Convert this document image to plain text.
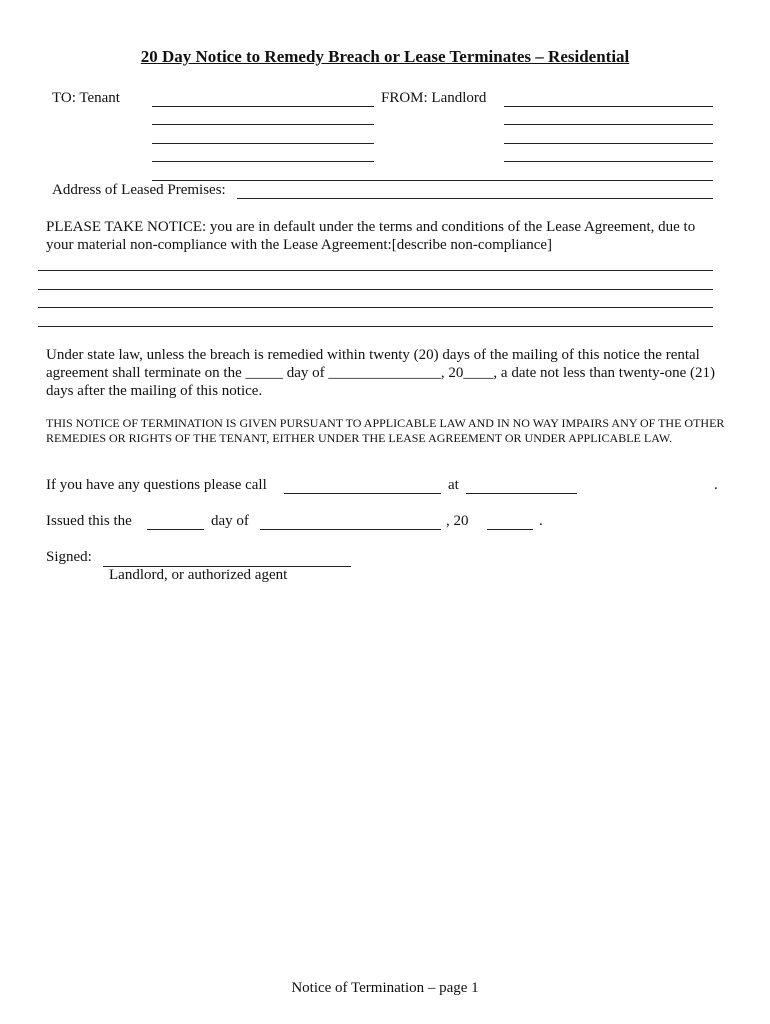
20 Day Notice to Remedy Breach or Lease Terminates – Residential
TO: Tenant	FROM: Landlord
Address of Leased Premises:
PLEASE TAKE NOTICE: you are in default under the terms and conditions of the Lease Agreement, due to your material non-compliance with the Lease Agreement:[describe non-compliance]
Under state law, unless the breach is remedied within twenty (20) days of the mailing of this notice the rental agreement shall terminate on the _____ day of _______________, 20____, a date not less than twenty-one (21) days after the mailing of this notice.
THIS NOTICE OF TERMINATION IS GIVEN PURSUANT TO APPLICABLE LAW AND IN NO WAY IMPAIRS ANY OF THE OTHER REMEDIES OR RIGHTS OF THE TENANT, EITHER UNDER THE LEASE AGREEMENT OR UNDER APPLICABLE LAW.
If you have any questions please call	at	.
Issued this the	day of	, 20	.
Signed:
Landlord, or authorized agent
Notice of Termination – page 1
